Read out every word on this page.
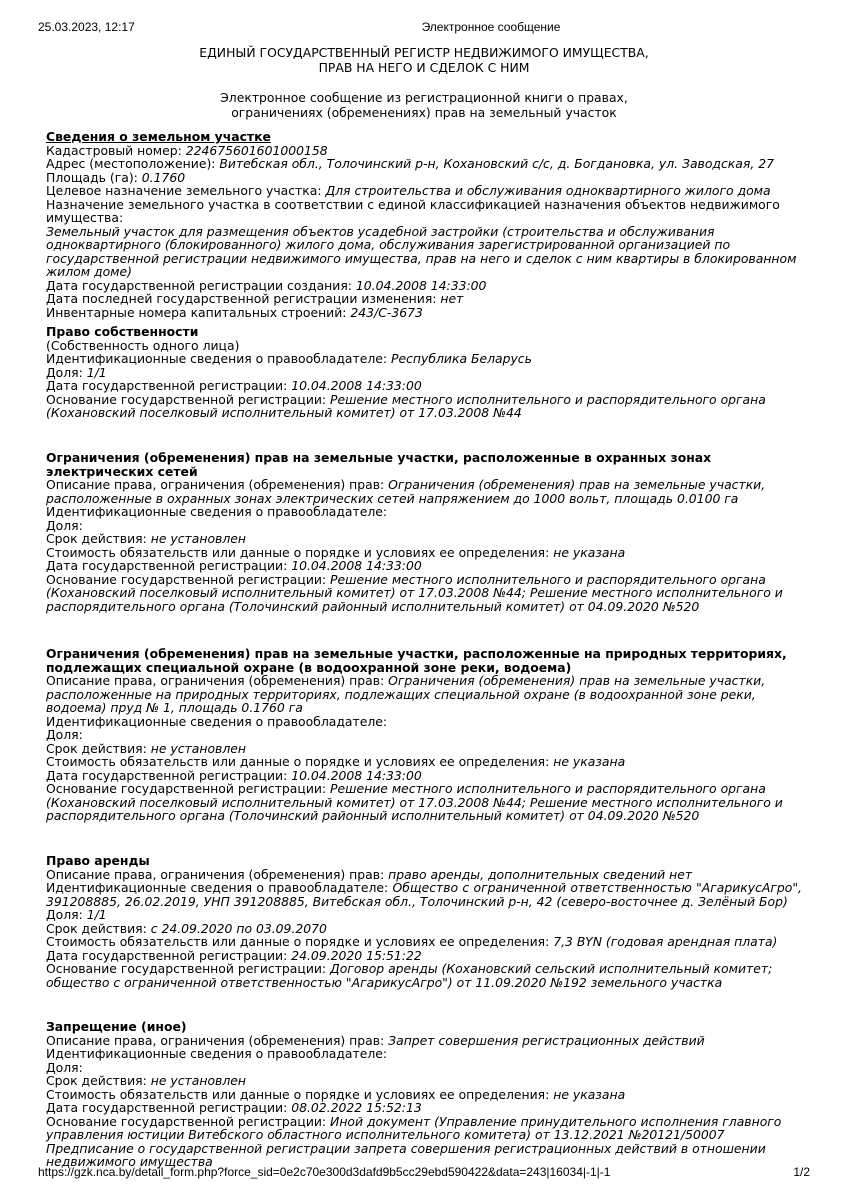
25.03.2023, 12:17	Электронное сообщение
ЕДИНЫЙ ГОСУДАРСТВЕННЫЙ РЕГИСТР НЕДВИЖИМОГО ИМУЩЕСТВА,
ПРАВ НА НЕГО И СДЕЛОК С НИМ
Электронное сообщение из регистрационной книги о правах,
ограничениях (обременениях) прав на земельный участок
Сведения о земельном участке
Кадастровый номер: 224675601601000158
Адрес (местоположение): Витебская обл., Толочинский р-н, Кохановский с/с, д. Богдановка, ул. Заводская, 27
Площадь (га): 0.1760
Целевое назначение земельного участка: Для строительства и обслуживания одноквартирного жилого дома
Назначение земельного участка в соответствии с единой классификацией назначения объектов недвижимого имущества:
Земельный участок для размещения объектов усадебной застройки (строительства и обслуживания одноквартирного (блокированного) жилого дома, обслуживания зарегистрированной организацией по государственной регистрации недвижимого имущества, прав на него и сделок с ним квартиры в блокированном жилом доме)
Дата государственной регистрации создания: 10.04.2008 14:33:00
Дата последней государственной регистрации изменения: нет
Инвентарные номера капитальных строений: 243/С-3673
Право собственности
(Собственность одного лица)
Идентификационные сведения о правообладателе: Республика Беларусь
Доля: 1/1
Дата государственной регистрации: 10.04.2008 14:33:00
Основание государственной регистрации: Решение местного исполнительного и распорядительного органа (Кохановский поселковый исполнительный комитет) от 17.03.2008 №44
Ограничения (обременения) прав на земельные участки, расположенные в охранных зонах электрических сетей
Описание права, ограничения (обременения) прав: Ограничения (обременения) прав на земельные участки, расположенные в охранных зонах электрических сетей напряжением до 1000 вольт, площадь 0.0100 га
Идентификационные сведения о правообладателе:
Доля:
Срок действия: не установлен
Стоимость обязательств или данные о порядке и условиях ее определения: не указана
Дата государственной регистрации: 10.04.2008 14:33:00
Основание государственной регистрации: Решение местного исполнительного и распорядительного органа (Кохановский поселковый исполнительный комитет) от 17.03.2008 №44; Решение местного исполнительного и распорядительного органа (Толочинский районный исполнительный комитет) от 04.09.2020 №520
Ограничения (обременения) прав на земельные участки, расположенные на природных территориях, подлежащих специальной охране (в водоохранной зоне реки, водоема)
Описание права, ограничения (обременения) прав: Ограничения (обременения) прав на земельные участки, расположенные на природных территориях, подлежащих специальной охране (в водоохранной зоне реки, водоема) пруд № 1, площадь 0.1760 га
Идентификационные сведения о правообладателе:
Доля:
Срок действия: не установлен
Стоимость обязательств или данные о порядке и условиях ее определения: не указана
Дата государственной регистрации: 10.04.2008 14:33:00
Основание государственной регистрации: Решение местного исполнительного и распорядительного органа (Кохановский поселковый исполнительный комитет) от 17.03.2008 №44; Решение местного исполнительного и распорядительного органа (Толочинский районный исполнительный комитет) от 04.09.2020 №520
Право аренды
Описание права, ограничения (обременения) прав: право аренды, дополнительных сведений нет
Идентификационные сведения о правообладателе: Общество с ограниченной ответственностью "АгарикусАгро", 391208885, 26.02.2019, УНП 391208885, Витебская обл., Толочинский р-н, 42 (северо-восточнее д. Зелёный Бор)
Доля: 1/1
Срок действия: с 24.09.2020 по 03.09.2070
Стоимость обязательств или данные о порядке и условиях ее определения: 7,3 BYN (годовая арендная плата)
Дата государственной регистрации: 24.09.2020 15:51:22
Основание государственной регистрации: Договор аренды (Кохановский сельский исполнительный комитет; общество с ограниченной ответственностью "АгарикусАгро") от 11.09.2020 №192 земельного участка
Запрещение (иное)
Описание права, ограничения (обременения) прав: Запрет совершения регистрационных действий
Идентификационные сведения о правообладателе:
Доля:
Срок действия: не установлен
Стоимость обязательств или данные о порядке и условиях ее определения: не указана
Дата государственной регистрации: 08.02.2022 15:52:13
Основание государственной регистрации: Иной документ (Управление принудительного исполнения главного управления юстиции Витебского областного исполнительного комитета) от 13.12.2021 №20121/50007 Предписание о государственной регистрации запрета совершения регистрационных действий в отношении недвижимого имущества
https://gzk.nca.by/detail_form.php?force_sid=0e2c70e300d3dafd9b5cc29ebd590422&data=243|16034|-1|-1	1/2
